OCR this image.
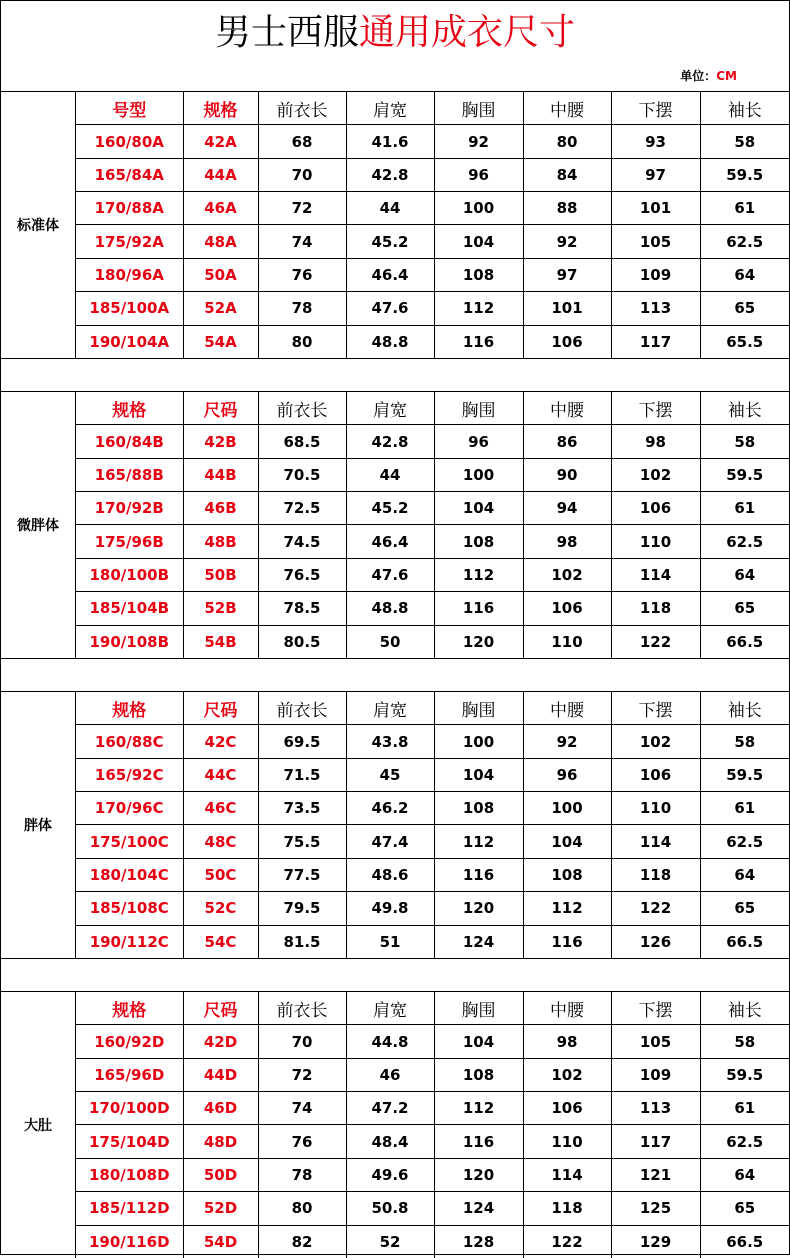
男士西服通用成衣尺寸
单位：CM
标准体
号型	规格	前衣长	肩宽	胸围	中腰	下摆	袖长
160/80A	42A	68	41.6	92	80	93	58
165/84A	44A	70	42.8	96	84	97	59.5
170/88A	46A	72	44	100	88	101	61
175/92A	48A	74	45.2	104	92	105	62.5
180/96A	50A	76	46.4	108	97	109	64
185/100A	52A	78	47.6	112	101	113	65
190/104A	54A	80	48.8	116	106	117	65.5
微胖体
规格	尺码	前衣长	肩宽	胸围	中腰	下摆	袖长
160/84B	42B	68.5	42.8	96	86	98	58
165/88B	44B	70.5	44	100	90	102	59.5
170/92B	46B	72.5	45.2	104	94	106	61
175/96B	48B	74.5	46.4	108	98	110	62.5
180/100B	50B	76.5	47.6	112	102	114	64
185/104B	52B	78.5	48.8	116	106	118	65
190/108B	54B	80.5	50	120	110	122	66.5
胖体
规格	尺码	前衣长	肩宽	胸围	中腰	下摆	袖长
160/88C	42C	69.5	43.8	100	92	102	58
165/92C	44C	71.5	45	104	96	106	59.5
170/96C	46C	73.5	46.2	108	100	110	61
175/100C	48C	75.5	47.4	112	104	114	62.5
180/104C	50C	77.5	48.6	116	108	118	64
185/108C	52C	79.5	49.8	120	112	122	65
190/112C	54C	81.5	51	124	116	126	66.5
大肚
规格	尺码	前衣长	肩宽	胸围	中腰	下摆	袖长
160/92D	42D	70	44.8	104	98	105	58
165/96D	44D	72	46	108	102	109	59.5
170/100D	46D	74	47.2	112	106	113	61
175/104D	48D	76	48.4	116	110	117	62.5
180/108D	50D	78	49.6	120	114	121	64
185/112D	52D	80	50.8	124	118	125	65
190/116D	54D	82	52	128	122	129	66.5
